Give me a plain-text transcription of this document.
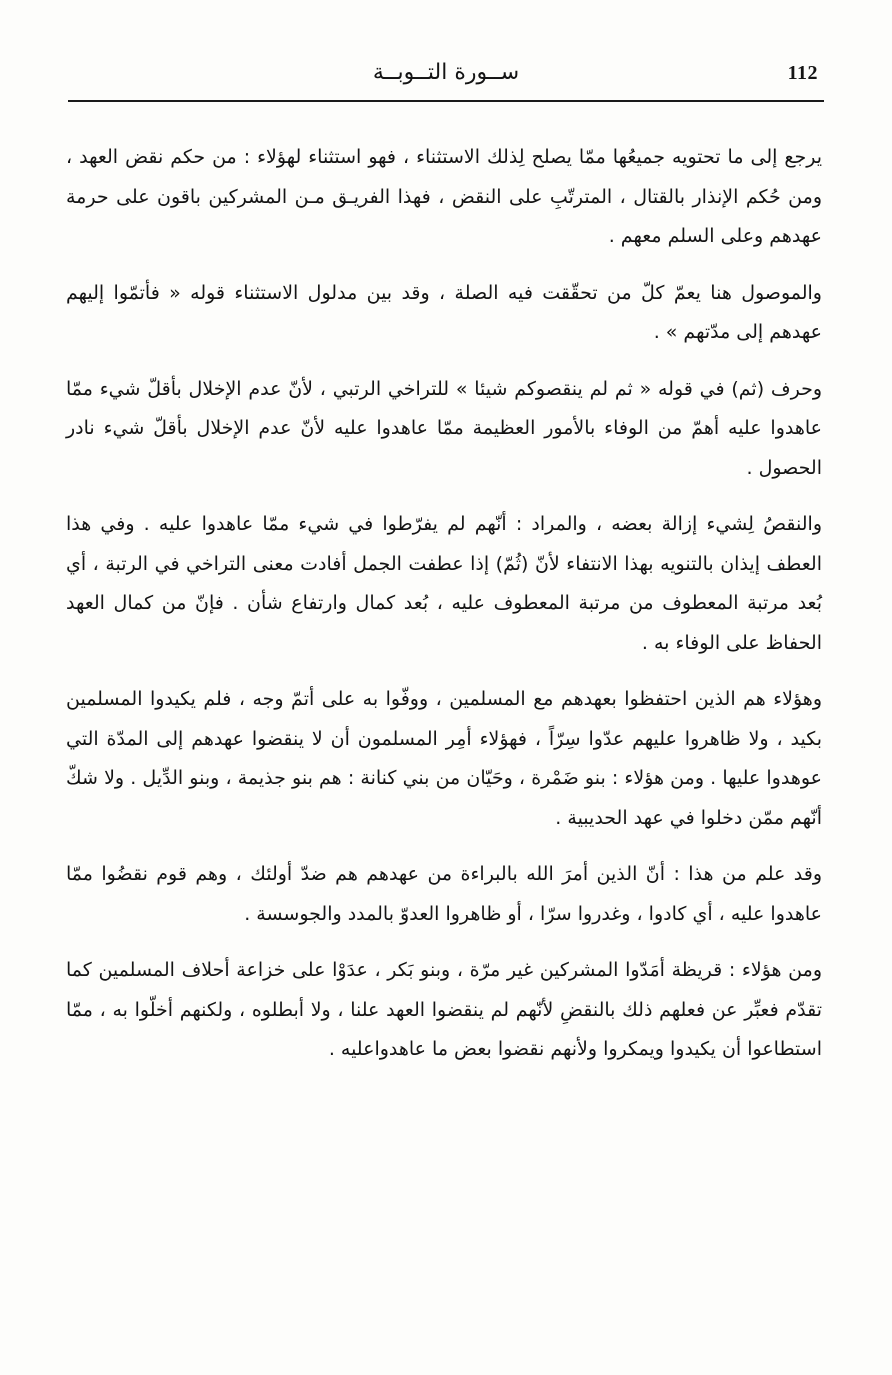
112
ســورة التــوبــة

يرجع إلى ما تحتويه جميعُها ممّا يصلح لِذلك الاستثناء ، فهو استثناء لهؤلاء : من حكم نقض العهد ، ومن حُكم الإنذار بالقتال ، المترتّبِ على النقض ، فهذا الفريـق مـن المشركين باقون على حرمة عهدهم وعلى السلم معهم .

والموصول هنا يعمّ كلّ من تحقّقت فيه الصلة ، وقد بين مدلول الاستثناء قوله « فأتمّوا إليهم عهدهم إلى مدّتهم » .

وحرف (ثم) في قوله « ثم لم ينقصوكم شيئا » للتراخي الرتبي ، لأنّ عدم الإخلال بأقلّ شيء ممّا عاهدوا عليه أهمّ من الوفاء بالأمور العظيمة ممّا عاهدوا عليه لأنّ عدم الإخلال بأقلّ شيء نادر الحصول .

والنقصُ لِشيء إزالة بعضه ، والمراد : أنّهم لم يفرّطوا في شيء ممّا عاهدوا عليه . وفي هذا العطف إيذان بالتنويه بهذا الانتفاء لأنّ (ثُمّ) إذا عطفت الجمل أفادت معنى التراخي في الرتبة ، أي بُعد مرتبة المعطوف من مرتبة المعطوف عليه ، بُعد كمال وارتفاع شأن . فإنّ من كمال العهد الحفاظ على الوفاء به .

وهؤلاء هم الذين احتفظوا بعهدهم مع المسلمين ، ووفّوا به على أتمّ وجه ، فلم يكيدوا المسلمين بكيد ، ولا ظاهروا عليهم عدّوا سِرّاً ، فهؤلاء أمِر المسلمون أن لا ينقضوا عهدهم إلى المدّة التي عوهدوا عليها . ومن هؤلاء : بنو ضَمْرة ، وحَيّان من بني كنانة : هم بنو جذيمة ، وبنو الدِّيل . ولا شكّ أنّهم ممّن دخلوا في عهد الحديبية .

وقد علم من هذا : أنّ الذين أمرَ الله بالبراءة من عهدهم هم ضدّ أولئك ، وهم قوم نقضُوا ممّا عاهدوا عليه ، أي كادوا ، وغدروا سرّا ، أو ظاهروا العدوّ بالمدد والجوسسة .

ومن هؤلاء : قريظة أمَدّوا المشركين غير مرّة ، وبنو بَكر ، عدَوْا على خزاعة أحلاف المسلمين كما تقدّم فعبِّر عن فعلهم ذلك بالنقضِ لأنّهم لم ينقضوا العهد علنا ، ولا أبطلوه ، ولكنهم أخلّوا به ، ممّا استطاعوا أن يكيدوا ويمكروا ولأنهم نقضوا بعض ما عاهدواعليه .
